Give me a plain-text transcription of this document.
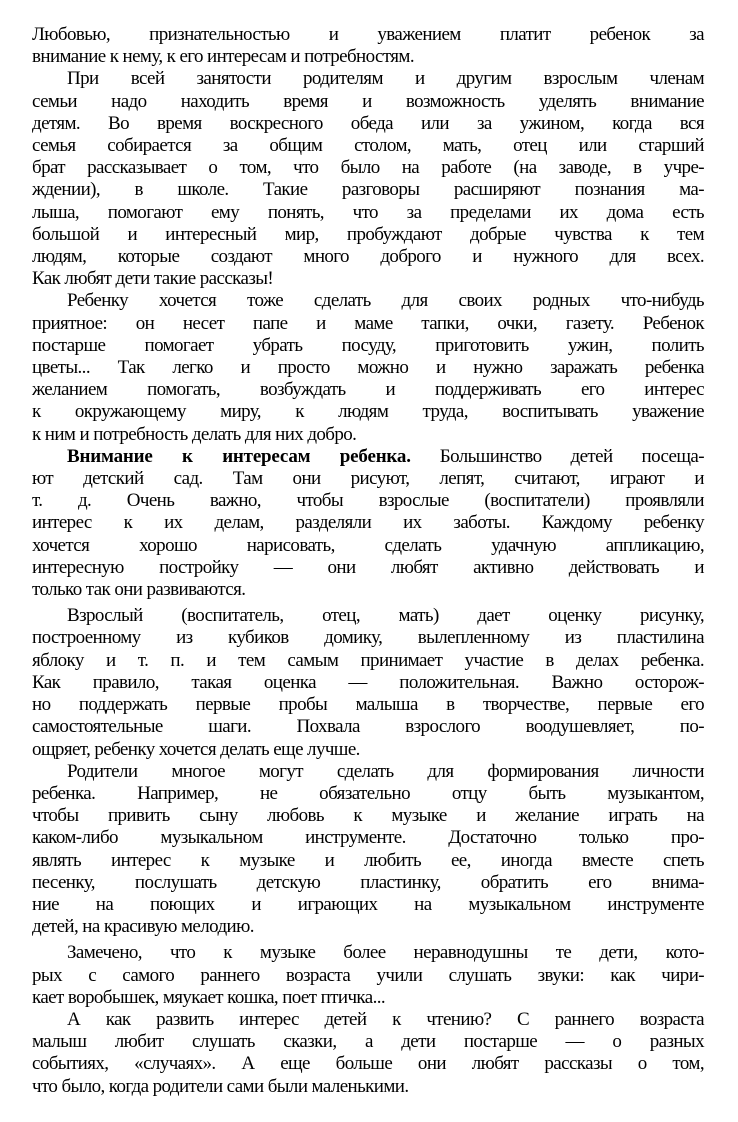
Любовью, признательностью и уважением платит ребенок за
внимание к нему, к его интересам и потребностям.
При всей занятости родителям и другим взрослым членам
семьи надо находить время и возможность уделять внимание
детям. Во время воскресного обеда или за ужином, когда вся
семья собирается за общим столом, мать, отец или старший
брат рассказывает о том, что было на работе (на заводе, в учре-
ждении), в школе. Такие разговоры расширяют познания ма-
лыша, помогают ему понять, что за пределами их дома есть
большой и интересный мир, пробуждают добрые чувства к тем
людям, которые создают много доброго и нужного для всех.
Как любят дети такие рассказы!
Ребенку хочется тоже сделать для своих родных что-нибудь
приятное: он несет папе и маме тапки, очки, газету. Ребенок
постарше помогает убрать посуду, приготовить ужин, полить
цветы... Так легко и просто можно и нужно заражать ребенка
желанием помогать, возбуждать и поддерживать его интерес
к окружающему миру, к людям труда, воспитывать уважение
к ним и потребность делать для них добро.
Внимание к интересам ребенка. Большинство детей посеща-
ют детский сад. Там они рисуют, лепят, считают, играют и
т. д. Очень важно, чтобы взрослые (воспитатели) проявляли
интерес к их делам, разделяли их заботы. Каждому ребенку
хочется хорошо нарисовать, сделать удачную аппликацию,
интересную постройку — они любят активно действовать и
только так они развиваются.
Взрослый (воспитатель, отец, мать) дает оценку рисунку,
построенному из кубиков домику, вылепленному из пластилина
яблоку и т. п. и тем самым принимает участие в делах ребенка.
Как правило, такая оценка — положительная. Важно осторож-
но поддержать первые пробы малыша в творчестве, первые его
самостоятельные шаги. Похвала взрослого воодушевляет, по-
ощряет, ребенку хочется делать еще лучше.
Родители многое могут сделать для формирования личности
ребенка. Например, не обязательно отцу быть музыкантом,
чтобы привить сыну любовь к музыке и желание играть на
каком-либо музыкальном инструменте. Достаточно только про-
являть интерес к музыке и любить ее, иногда вместе спеть
песенку, послушать детскую пластинку, обратить его внима-
ние на поющих и играющих на музыкальном инструменте
детей, на красивую мелодию.
Замечено, что к музыке более неравнодушны те дети, кото-
рых с самого раннего возраста учили слушать звуки: как чири-
кает воробышек, мяукает кошка, поет птичка...
А как развить интерес детей к чтению? С раннего возраста
малыш любит слушать сказки, а дети постарше — о разных
событиях, «случаях». А еще больше они любят рассказы о том,
что было, когда родители сами были маленькими.
